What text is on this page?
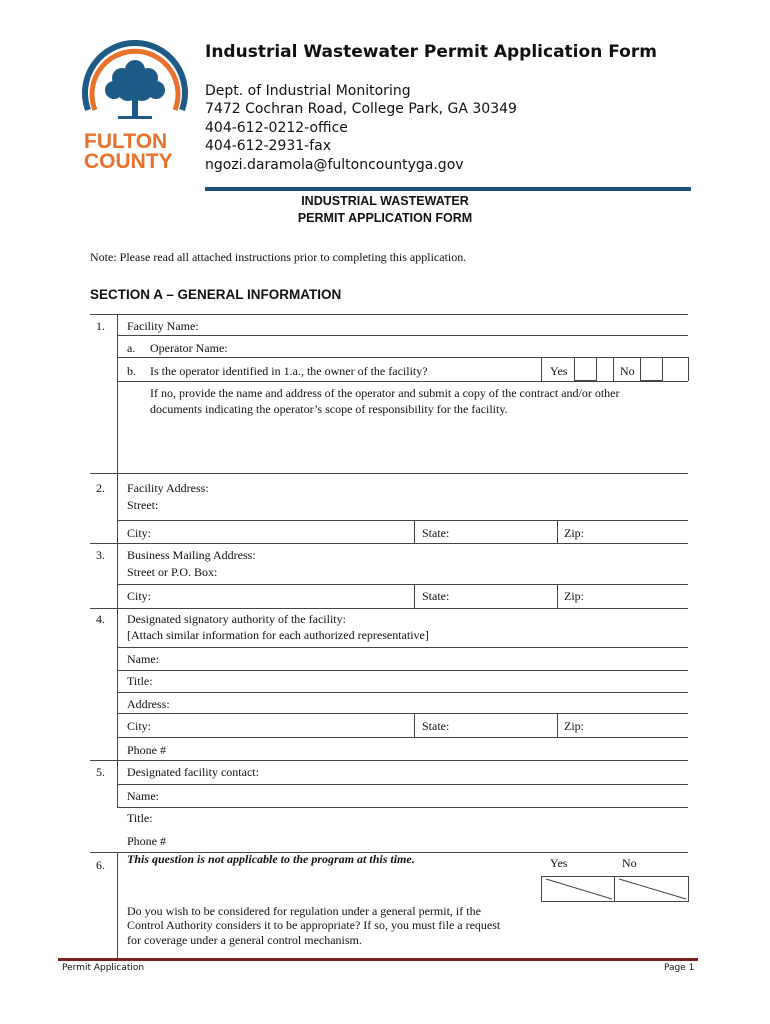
FULTON
COUNTY
Industrial Wastewater Permit Application Form
Dept. of Industrial Monitoring
7472 Cochran Road, College Park, GA 30349
404-612-0212-office
404-612-2931-fax
ngozi.daramola@fultoncountyga.gov
INDUSTRIAL WASTEWATER
PERMIT APPLICATION FORM
Note: Please read all attached instructions prior to completing this application.
SECTION A – GENERAL INFORMATION
1. Facility Name:
a. Operator Name:
b. Is the operator identified in 1.a., the owner of the facility?	Yes	No
If no, provide the name and address of the operator and submit a copy of the contract and/or other
documents indicating the operator’s scope of responsibility for the facility.
2. Facility Address:
Street:
City:	State:	Zip:
3. Business Mailing Address:
Street or P.O. Box:
City:	State:	Zip:
4. Designated signatory authority of the facility:
[Attach similar information for each authorized representative]
Name:
Title:
Address:
City:	State:	Zip:
Phone #
5. Designated facility contact:
Name:
Title:
Phone #
6. This question is not applicable to the program at this time.	Yes	No
Do you wish to be considered for regulation under a general permit, if the
Control Authority considers it to be appropriate? If so, you must file a request
for coverage under a general control mechanism.
Permit Application	Page 1
